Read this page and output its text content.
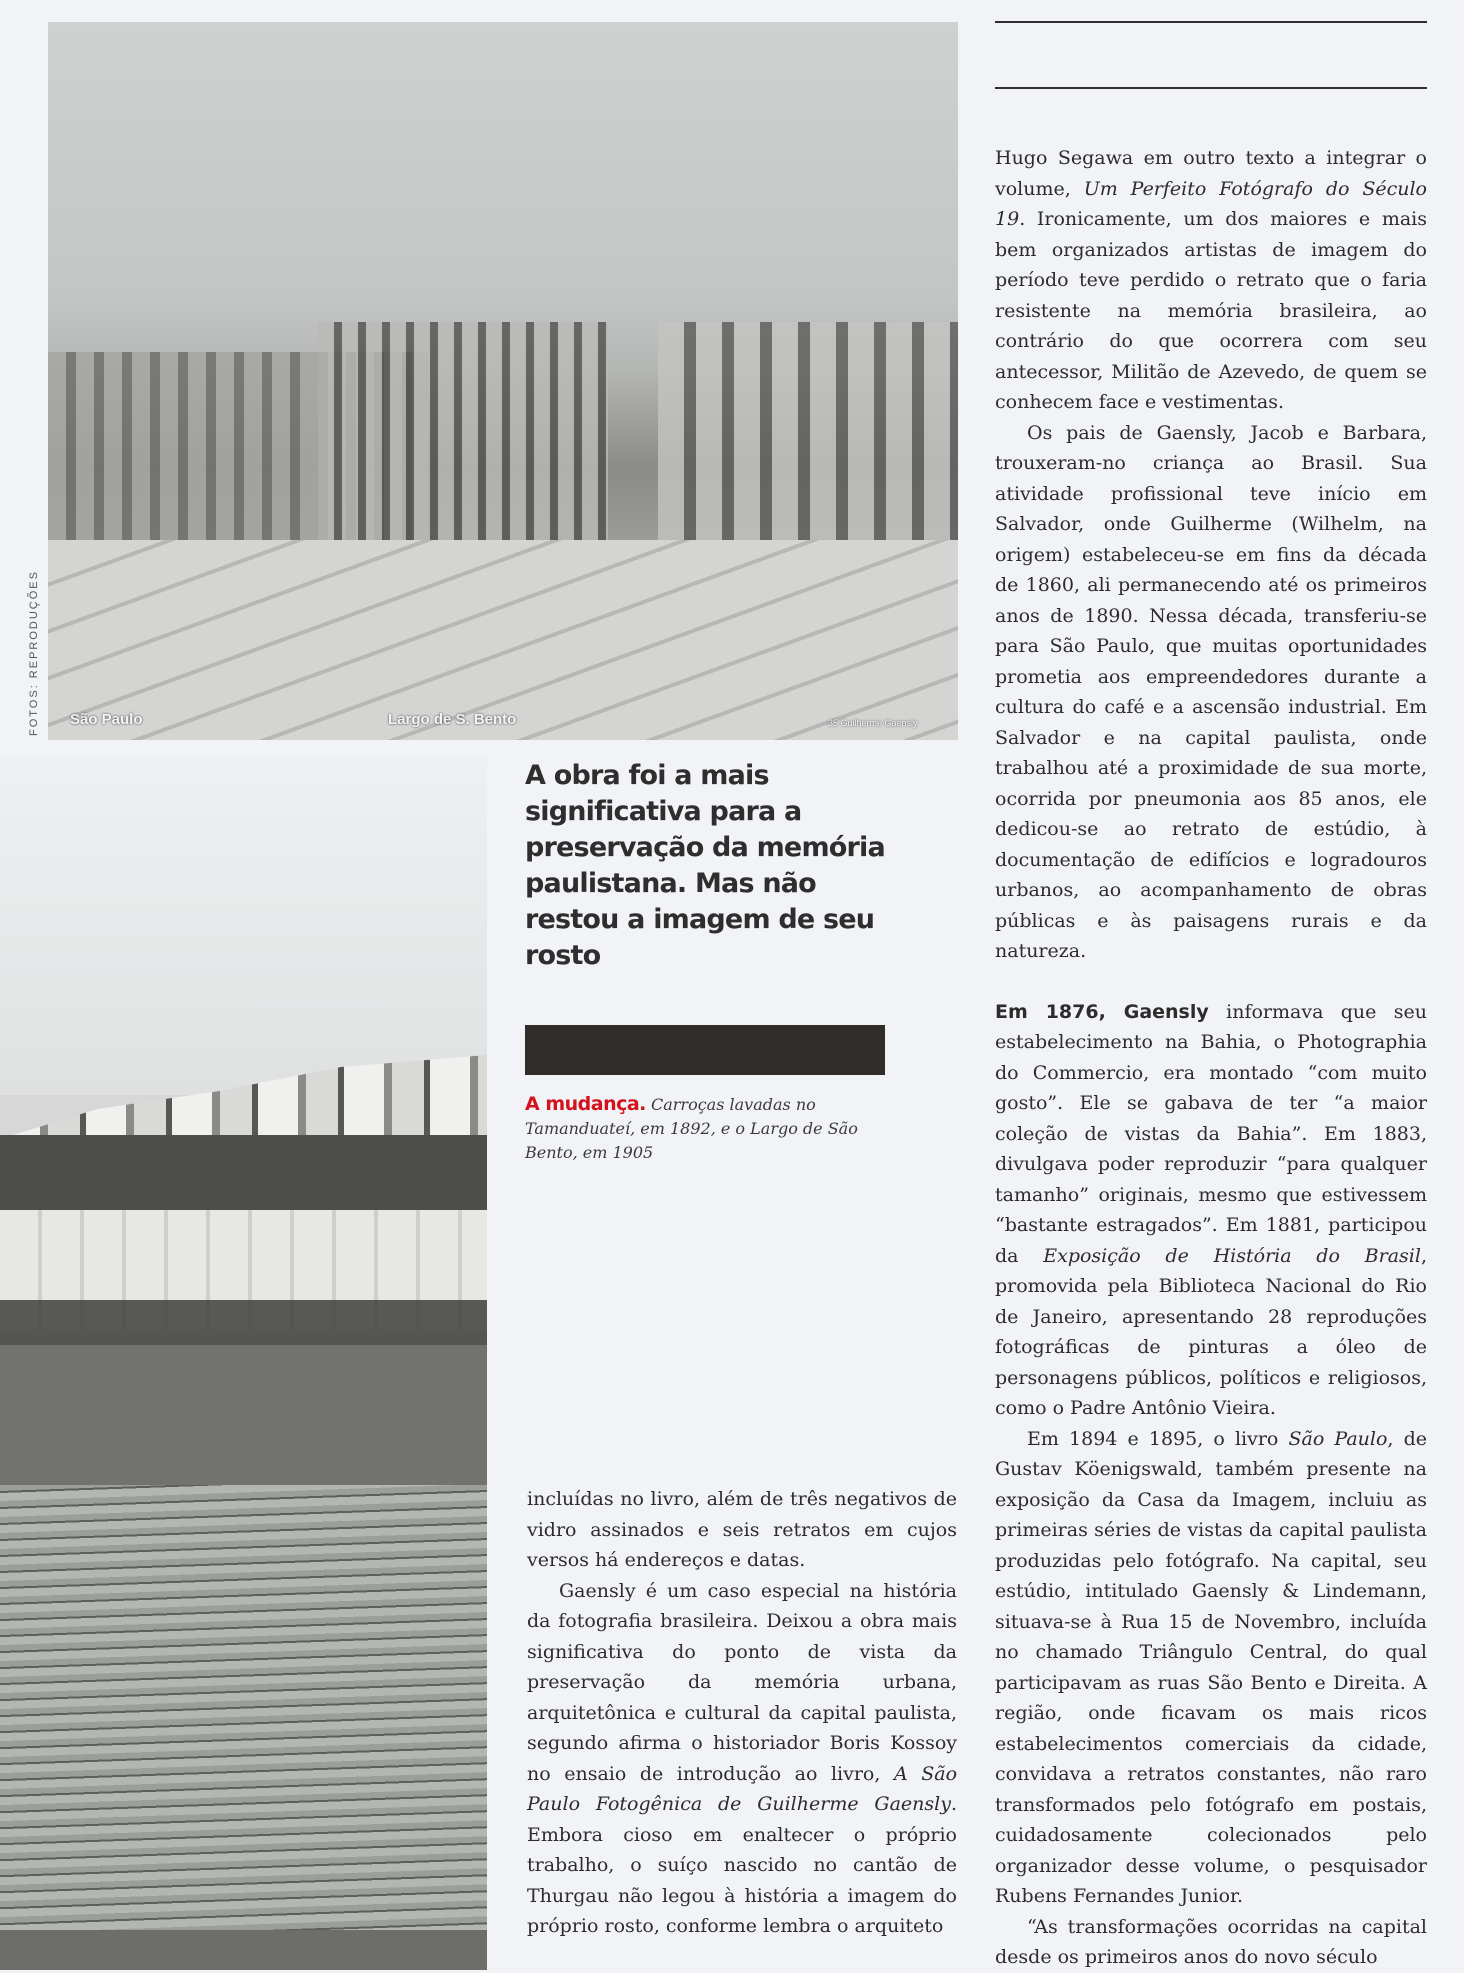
São Paulo	Largo de S. Bento	35 Guilherme Gaensly
FOTOS: REPRODUÇÕES
A obra foi a mais significativa para a preservação da memória paulistana. Mas não restou a imagem de seu rosto
A mudança. Carroças lavadas no Tamanduateí, em 1892, e o Largo de São Bento, em 1905

incluídas no livro, além de três negativos de vidro assinados e seis retratos em cujos versos há endereços e datas.

Gaensly é um caso especial na história da fotografia brasileira. Deixou a obra mais significativa do ponto de vista da preservação da memória urbana, arquitetônica e cultural da capital paulista, segundo afirma o historiador Boris Kossoy no ensaio de introdução ao livro, A São Paulo Fotogênica de Guilherme Gaensly. Embora cioso em enaltecer o próprio trabalho, o suíço nascido no cantão de Thurgau não legou à história a imagem do próprio rosto, conforme lembra o arquiteto

Hugo Segawa em outro texto a integrar o volume, Um Perfeito Fotógrafo do Século 19. Ironicamente, um dos maiores e mais bem organizados artistas de imagem do período teve perdido o retrato que o faria resistente na memória brasileira, ao contrário do que ocorrera com seu antecessor, Militão de Azevedo, de quem se conhecem face e vestimentas.

Os pais de Gaensly, Jacob e Barbara, trouxeram-no criança ao Brasil. Sua atividade profissional teve início em Salvador, onde Guilherme (Wilhelm, na origem) estabeleceu-se em fins da década de 1860, ali permanecendo até os primeiros anos de 1890. Nessa década, transferiu-se para São Paulo, que muitas oportunidades prometia aos empreendedores durante a cultura do café e a ascensão industrial. Em Salvador e na capital paulista, onde trabalhou até a proximidade de sua morte, ocorrida por pneumonia aos 85 anos, ele dedicou-se ao retrato de estúdio, à documentação de edifícios e logradouros urbanos, ao acompanhamento de obras públicas e às paisagens rurais e da natureza.

Em 1876, Gaensly informava que seu estabelecimento na Bahia, o Photographia do Commercio, era montado “com muito gosto”. Ele se gabava de ter “a maior coleção de vistas da Bahia”. Em 1883, divulgava poder reproduzir “para qualquer tamanho” originais, mesmo que estivessem “bastante estragados”. Em 1881, participou da Exposição de História do Brasil, promovida pela Biblioteca Nacional do Rio de Janeiro, apresentando 28 reproduções fotográficas de pinturas a óleo de personagens públicos, políticos e religiosos, como o Padre Antônio Vieira.

Em 1894 e 1895, o livro São Paulo, de Gustav Köenigswald, também presente na exposição da Casa da Imagem, incluiu as primeiras séries de vistas da capital paulista produzidas pelo fotógrafo. Na capital, seu estúdio, intitulado Gaensly & Lindemann, situava-se à Rua 15 de Novembro, incluída no chamado Triângulo Central, do qual participavam as ruas São Bento e Direita. A região, onde ficavam os mais ricos estabelecimentos comerciais da cidade, convidava a retratos constantes, não raro transformados pelo fotógrafo em postais, cuidadosamente colecionados pelo organizador desse volume, o pesquisador Rubens Fernandes Junior.

“As transformações ocorridas na capital desde os primeiros anos do novo século
